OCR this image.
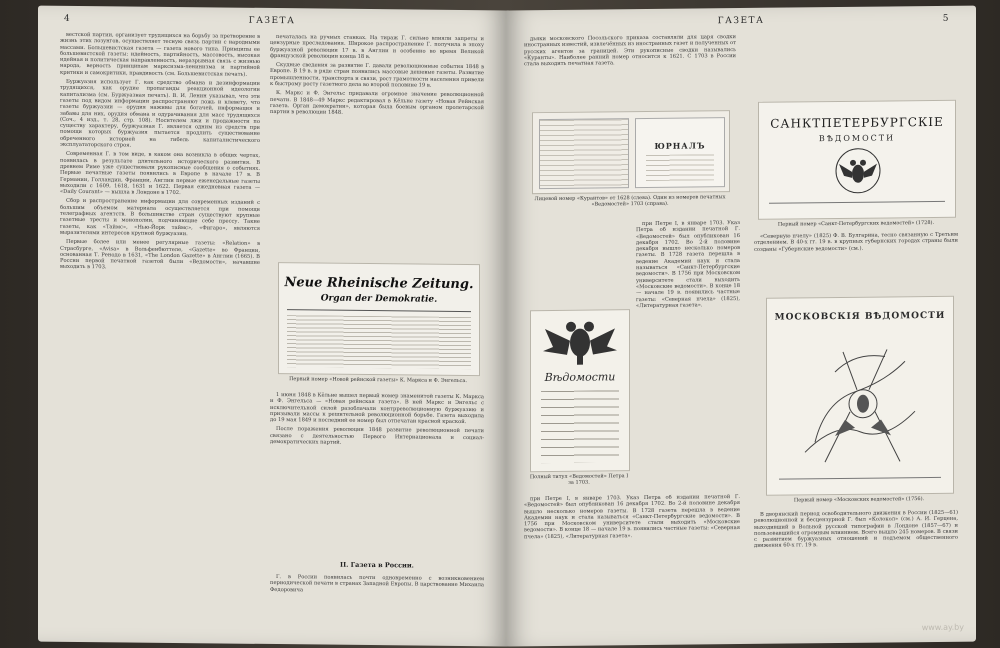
4	ГАЗЕТА

вестской партии, организует трудящихся на борьбу за претворение в жизнь этих лозунгов, осуществляет тесную связь партии с народными массами. Большевистская газета — газета нового типа. Принципы ее большевистской газеты: идейность, партийность, массовость, высокая идейная и политическая направленность, неразрывная связь с жизнью народа, верность принципам марксизма-ленинизма и партийной критики и самокритики, правдивость (см. Большевистская печать).

Буржуазия использует Г. как средство обмана и дезинформации трудящихся, как орудие пропаганды реакционной идеологии капитализма (см. Буржуазная печать). В. И. Ленин указывал, что эти газеты под видом информации распространяют ложь и клевету, что газеты буржуазии — орудия наживы для богачей, информация и забавы для них, орудия обмана и одурачивания для масс трудящихся (Соч., 4 изд., т. 28, стр. 108). Носителем лжи и продажности по существу характеру, буржуазная Г. является одним из средств при помощи которых буржуазия пытается продлить существование обреченного историей на гибель капиталистического эксплуататорского строя.

Современная Г. в том виде, в каком она возникла в общих чертах, появилась в результате длительного исторического развития. В древнем Риме уже существовали рукописные сообщения о событиях. Первые печатные газеты появились в Европе в начале 17 в. В Германии, Голландии, Франции, Англии первые еженедельные газеты выходили с 1609, 1618, 1631 и 1622. Первая ежедневная газета — «Daily Courant» — вышла в Лондоне в 1702.

Сбор и распространение информации для современных изданий с большим объемом материала осуществляется при помощи телеграфных агентств. В большинстве стран существуют крупные газетные тресты и монополии, подчиняющие себе прессу. Такие газеты, как «Таймс», «Нью-Йорк таймс», «Фигаро», являются выразителями интересов крупной буржуазии.

Первые более или менее регулярные газеты: «Relation» в Страсбурге, «Avisa» в Вольфенбюттеле, «Gazette» во Франции, основанная Т. Ренодо в 1631, «The London Gazette» в Англии (1665). В России первой печатной газетой были «Ведомости», начавшие выходить в 1703.

печаталась на ручных станках. На тираж Г. сильно влияли запреты и цензурные преследования. Широкое распространение Г. получила в эпоху буржуазной революции 17 в. в Англии и особенно во время Великой французской революции конца 18 в.

Скудные сведения за развитие Г. давали революционные события 1848 в Европе. В 19 в. в ряде стран появились массовые дешевые газеты. Развитие промышленности, транспорта и связи, рост грамотности населения привели к быстрому росту газетного дела во второй половине 19 в.

К. Маркс и Ф. Энгельс придавали огромное значение революционной печати. В 1848—49 Маркс редактировал в Кёльне газету «Новая Рейнская газета. Орган демократии», которая была боевым органом пролетарской партии в революции 1848.

Neue Rheinische Zeitung.
Organ der Demokratie.
Первый номер «Новой рейнской газеты» К. Маркса и Ф. Энгельса.

1 июня 1848 в Кёльне вышел первый номер знаменитой газеты К. Маркса и Ф. Энгельса — «Новая рейнская газета». В ней Маркс и Энгельс с исключительной силой разоблачали контрреволюционную буржуазию и призывали массы к решительной революционной борьбе. Газета выходила до 19 мая 1849 и последний ее номер был отпечатан красной краской.

После поражения революции 1848 развитие революционной печати связано с деятельностью Первого Интернационала и социал-демократических партий.

II. Газета в России.

Г. в России появилась почти одновременно с возникновением периодической печати в странах Западной Европы. В царствование Михаила Федоровича

ГАЗЕТА	5

дьяки московского Посольского приказа составляли для царя сводки иностранных известий, извлечённых из иностранных газет и полученных от русских агентов за границей. Эти рукописные сводки назывались «Куранты». Наиболее ранний номер относится к 1621. С 1703 в России стала выходить печатная газета.

ЮРНАЛЪ
Лицевой номер «Курантов» от 1628 (слева). Один из номеров печатных «Ведомостей» 1703 (справа).
Вѣдомости
Полный титул «Ведомостей» Петра I за 1703.

при Петре I, в январе 1703. Указ Петра об издании печатной Г. «Ведомостей» был опубликован 16 декабря 1702. Во 2-й половине декабря вышло несколько номеров газеты. В 1728 газета перешла в ведение Академии наук и стала называться «Санкт-Петербургские ведомости». В 1756 при Московском университете стали выходить «Московские ведомости». В конце 18 — начале 19 в. появились частные газеты: «Северная пчела» (1825), «Литературная газета».

при Петре I, в январе 1703. Указ Петра об издании печатной Г. «Ведомостей» был опубликован 16 декабря 1702. Во 2-й половине декабря вышло несколько номеров газеты. В 1728 газета перешла в ведение Академии наук и стала называться «Санкт-Петербургские ведомости». В 1756 при Московском университете стали выходить «Московские ведомости». В конце 18 — начале 19 в. появились частные газеты: «Северная пчела» (1825), «Литературная газета».

САНКТПЕТЕРБУРГСКIЕ
ВѢДОМОСТИ
Первый номер «Санкт-Петербургских ведомостей» (1728).

«Северную пчелу» (1825) Ф. В. Булгарина, тесно связанную с Третьим отделением. В 40-х гг. 19 в. в крупных губернских городах страны были созданы «Губернские ведомости» (см.).

МОСКОВСКIЯ ВѢДОМОСТИ
Первый номер «Московских ведомостей» (1756).

В дворянский период освободительного движения в России (1825—61) революционной и бесцензурной Г. был «Колокол» (см.) А. И. Герцена, выходивший в Вольной русской типографии в Лондоне (1857—67) и пользовавшийся огромным влиянием. Всего вышло 245 номеров. В связи с развитием буржуазных отношений и подъемом общественного движения 60-х гг. 19 в.

www.ay.by
